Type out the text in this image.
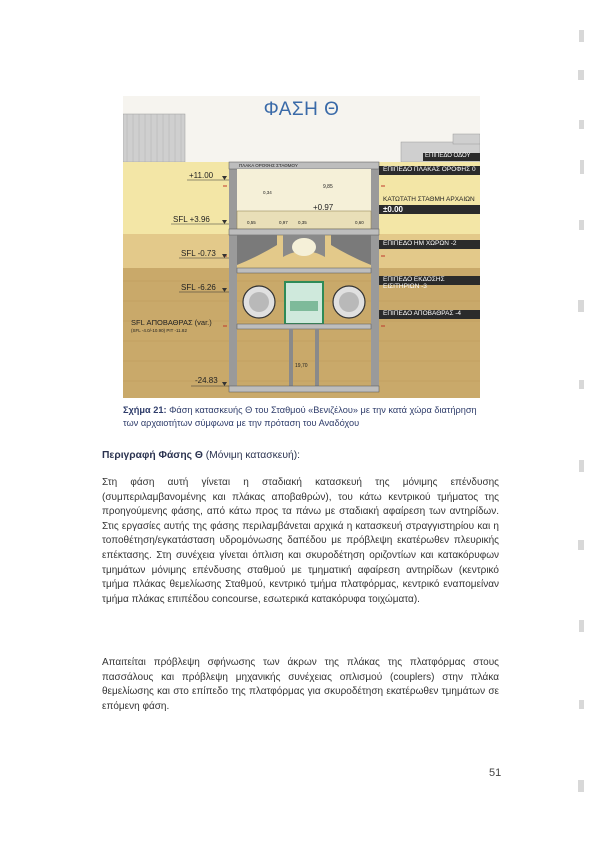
ΦΑΣΗ Θ
ΕΠΙΠΕΔΟ ΟΔΟΥ
ΕΠΙΠΕΔΟ ΠΛΑΚΑΣ ΟΡΟΦΗΣ 0
ΠΛΑΚΑ ΟΡΟΦΗΣ ΣΤΑΘΜΟΥ
ΚΑΤΩΤΑΤΗ ΣΤΑΘΜΗ ΑΡΧΑΙΩΝ
±0.00
ΕΠΙΠΕΔΟ ΗΜ ΧΩΡΩΝ -2
ΕΠΙΠΕΔΟ ΕΚΔΟΣΗΣ ΕΙΣΙΤΗΡΙΩΝ -3
ΕΠΙΠΕΔΟ ΑΠΟΒΑΘΡΑΣ -4
+11.00
SFL +3.96
SFL -0.73
SFL -6.26
SFL ΑΠΟΒΑΘΡΑΣ (var.)
(SFL -4.0/-10.90) PIT -11.82
-24.83
+0.97
9,85
19,70
0,55	0,97 0,35	0,60
0,34
Σχήμα 21: Φάση κατασκευής Θ του Σταθμού «Βενιζέλου» με την κατά χώρα διατήρηση των αρχαιοτήτων σύμφωνα με την πρόταση του Αναδόχου
Περιγραφή Φάσης Θ (Μόνιμη κατασκευή):

Στη φάση αυτή γίνεται η σταδιακή κατασκευή της μόνιμης επένδυσης (συμπεριλαμβανομένης και πλάκας αποβαθρών), του κάτω κεντρικού τμήματος της προηγούμενης φάσης, από κάτω προς τα πάνω με σταδιακή αφαίρεση των αντηρίδων. Στις εργασίες αυτής της φάσης περιλαμβάνεται αρχικά η κατασκευή στραγγιστηρίου και η τοποθέτηση/εγκατάσταση υδρομόνωσης δαπέδου με πρόβλεψη εκατέρωθεν πλευρικής επέκτασης. Στη συνέχεια γίνεται όπλιση και σκυροδέτηση οριζοντίων και κατακόρυφων τμημάτων μόνιμης επένδυσης σταθμού με τμηματική αφαίρεση αντηρίδων (κεντρικό τμήμα πλάκας θεμελίωσης Σταθμού, κεντρικό τμήμα πλατφόρμας, κεντρικό εναπομείναν τμήμα πλάκας επιπέδου concourse, εσωτερικά κατακόρυφα τοιχώματα).

Απαιτείται πρόβλεψη σφήνωσης των άκρων της πλάκας της πλατφόρμας στους πασσάλους και πρόβλεψη μηχανικής συνέχειας οπλισμού (couplers) στην πλάκα θεμελίωσης και στο επίπεδο της πλατφόρμας για σκυροδέτηση εκατέρωθεν τμημάτων σε επόμενη φάση.

51
